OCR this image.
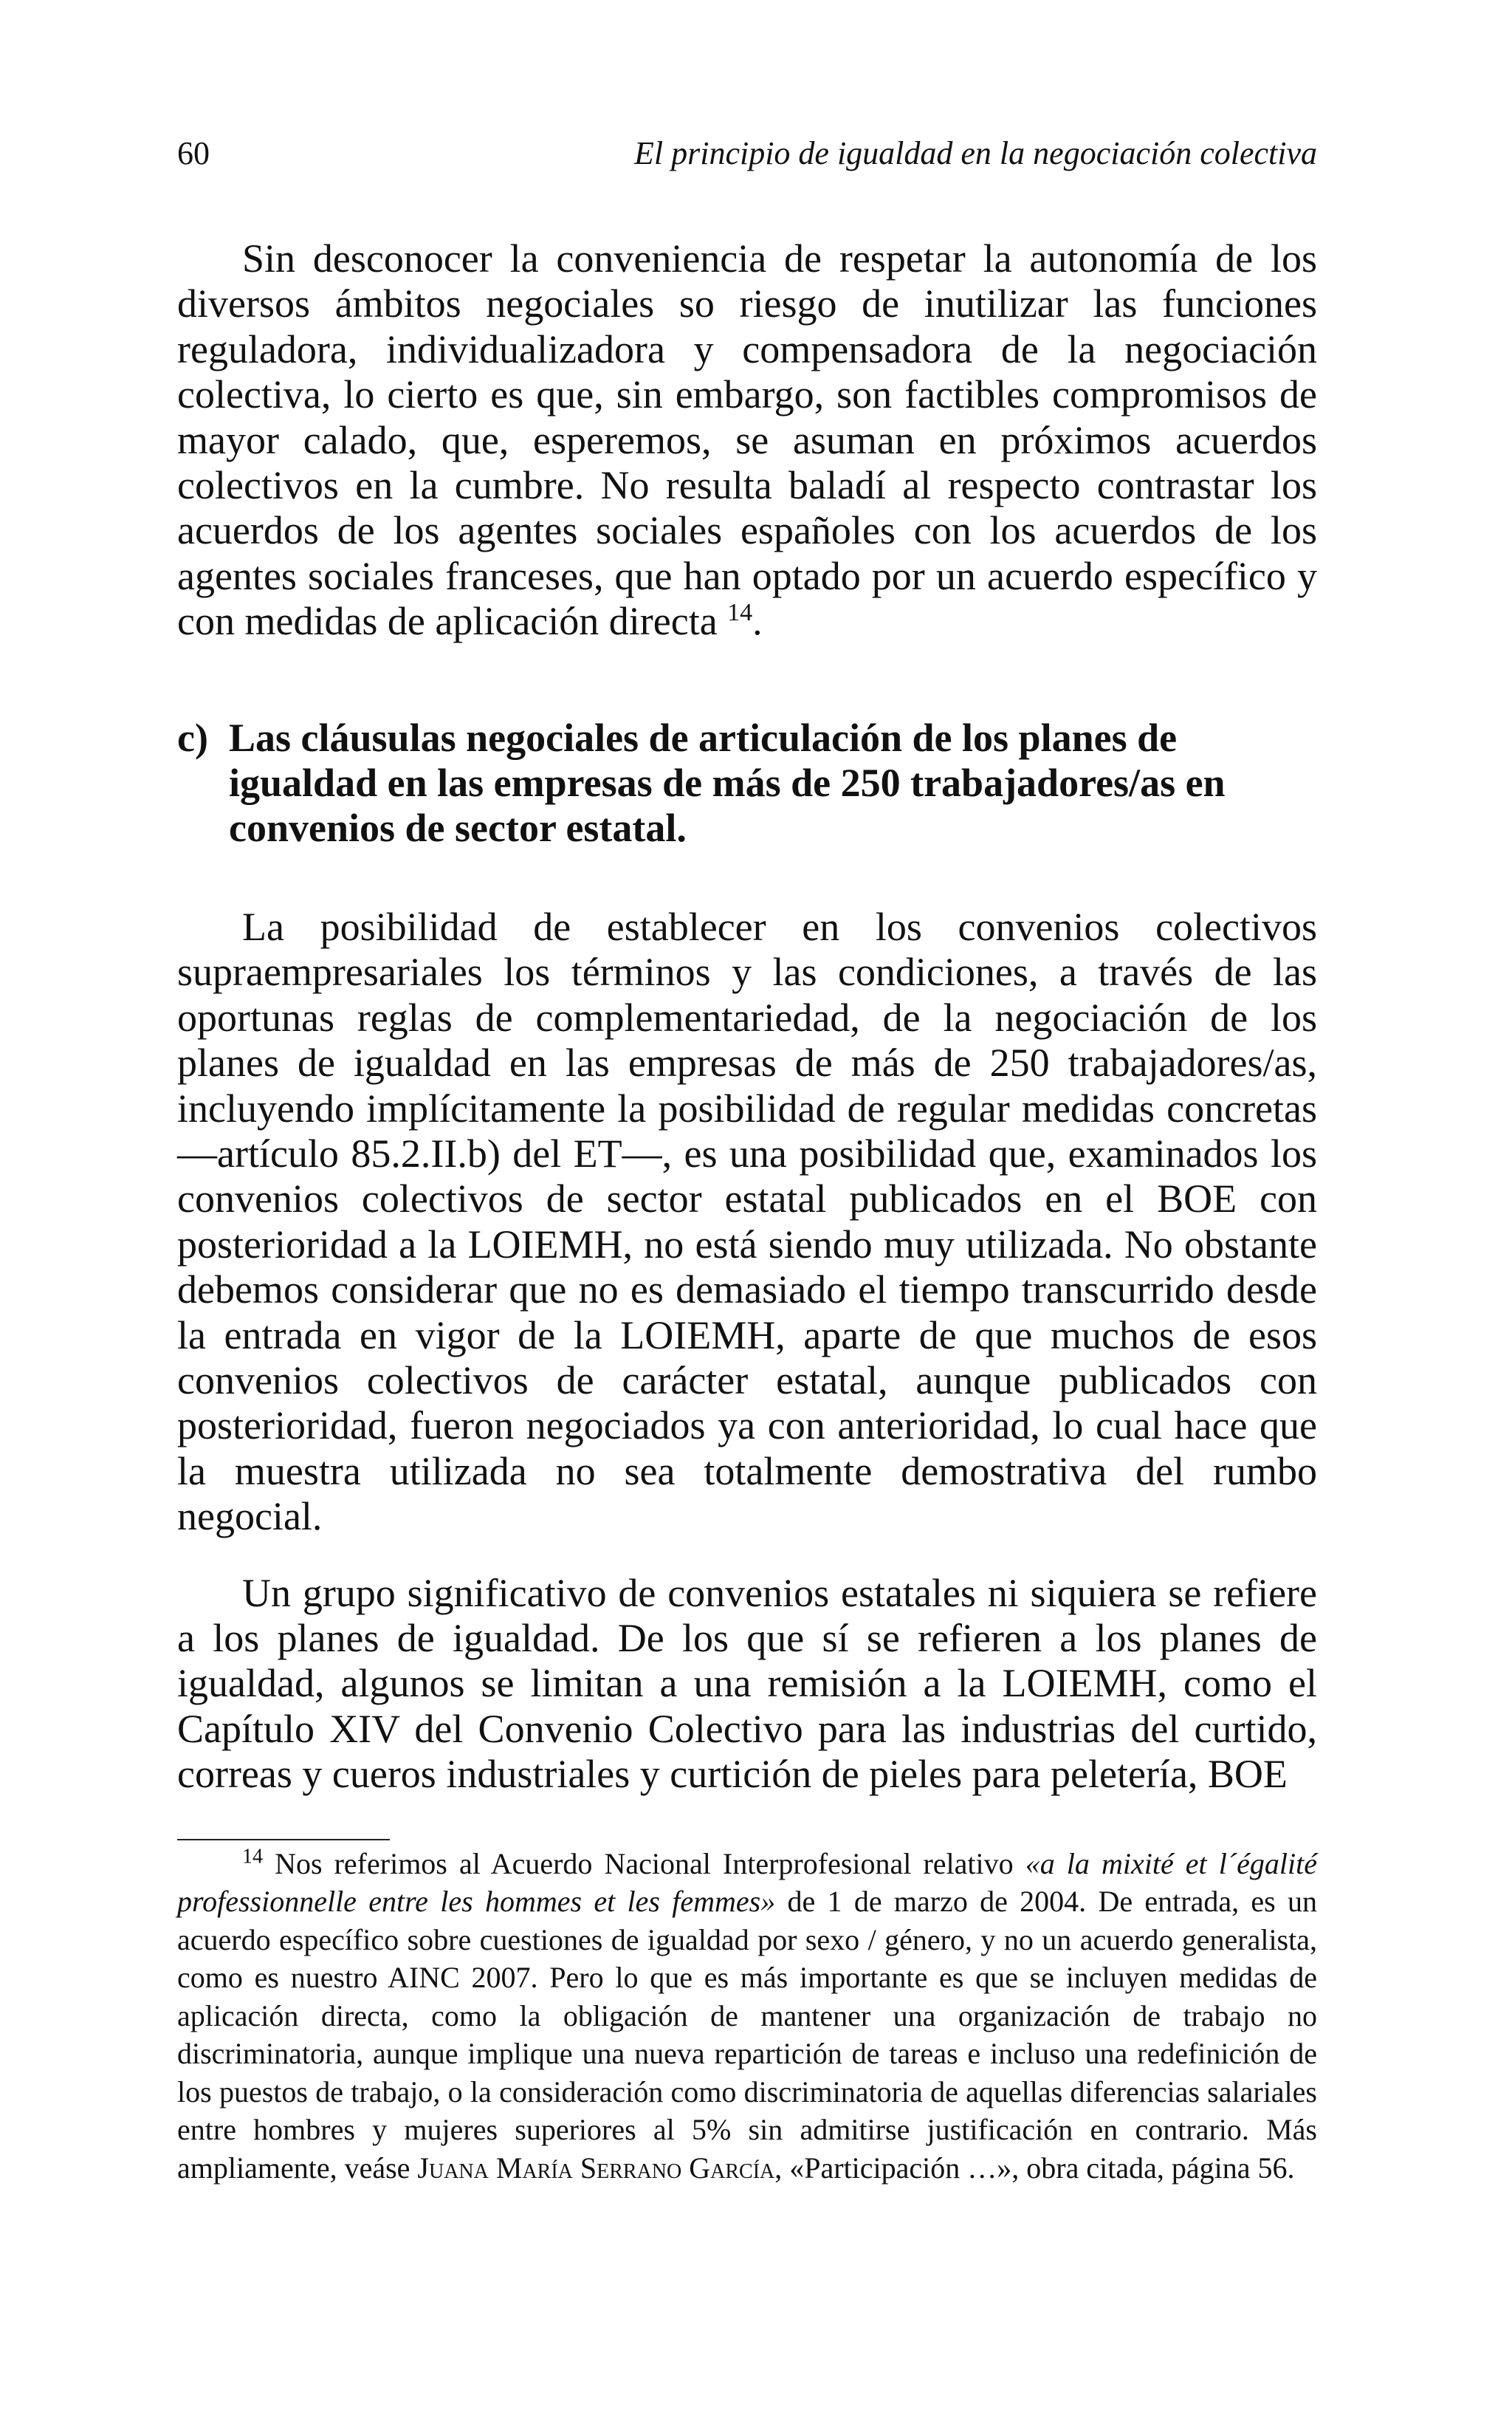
60	El principio de igualdad en la negociación colectiva

Sin desconocer la conveniencia de respetar la autonomía de los diversos ámbitos negociales so riesgo de inutilizar las funciones reguladora, individualizadora y compensadora de la negociación colectiva, lo cierto es que, sin embargo, son factibles compromisos de mayor calado, que, esperemos, se asuman en próximos acuerdos colectivos en la cumbre. No resulta baladí al respecto contrastar los acuerdos de los agentes sociales españoles con los acuerdos de los agentes sociales franceses, que han optado por un acuerdo específico y con medidas de aplicación directa $^{14}$.

c) Las cláusulas negociales de articulación de los planes de igualdad en las empresas de más de 250 trabajadores/as en convenios de sector estatal.

La posibilidad de establecer en los convenios colectivos supraempresariales los términos y las condiciones, a través de las oportunas reglas de complementariedad, de la negociación de los planes de igualdad en las empresas de más de 250 trabajadores/as, incluyendo implícitamente la posibilidad de regular medidas concretas —artículo 85.2.II.b) del ET—, es una posibilidad que, examinados los convenios colectivos de sector estatal publicados en el BOE con posterioridad a la LOIEMH, no está siendo muy utilizada. No obstante debemos considerar que no es demasiado el tiempo transcurrido desde la entrada en vigor de la LOIEMH, aparte de que muchos de esos convenios colectivos de carácter estatal, aunque publicados con posterioridad, fueron negociados ya con anterioridad, lo cual hace que la muestra utilizada no sea totalmente demostrativa del rumbo negocial.

Un grupo significativo de convenios estatales ni siquiera se refiere a los planes de igualdad. De los que sí se refieren a los planes de igualdad, algunos se limitan a una remisión a la LOIEMH, como el Capítulo XIV del Convenio Colectivo para las industrias del curtido, correas y cueros industriales y curtición de pieles para peletería, BOE

$^{14}$ Nos referimos al Acuerdo Nacional Interprofesional relativo «a la mixité et l´égalité professionnelle entre les hommes et les femmes» de 1 de marzo de 2004. De entrada, es un acuerdo específico sobre cuestiones de igualdad por sexo / género, y no un acuerdo generalista, como es nuestro AINC 2007. Pero lo que es más importante es que se incluyen medidas de aplicación directa, como la obligación de mantener una organización de trabajo no discriminatoria, aunque implique una nueva repartición de tareas e incluso una redefinición de los puestos de trabajo, o la consideración como discriminatoria de aquellas diferencias salariales entre hombres y mujeres superiores al 5% sin admitirse justificación en contrario. Más ampliamente, veáse Juana María Serrano García, «Participación …», obra citada, página 56.
